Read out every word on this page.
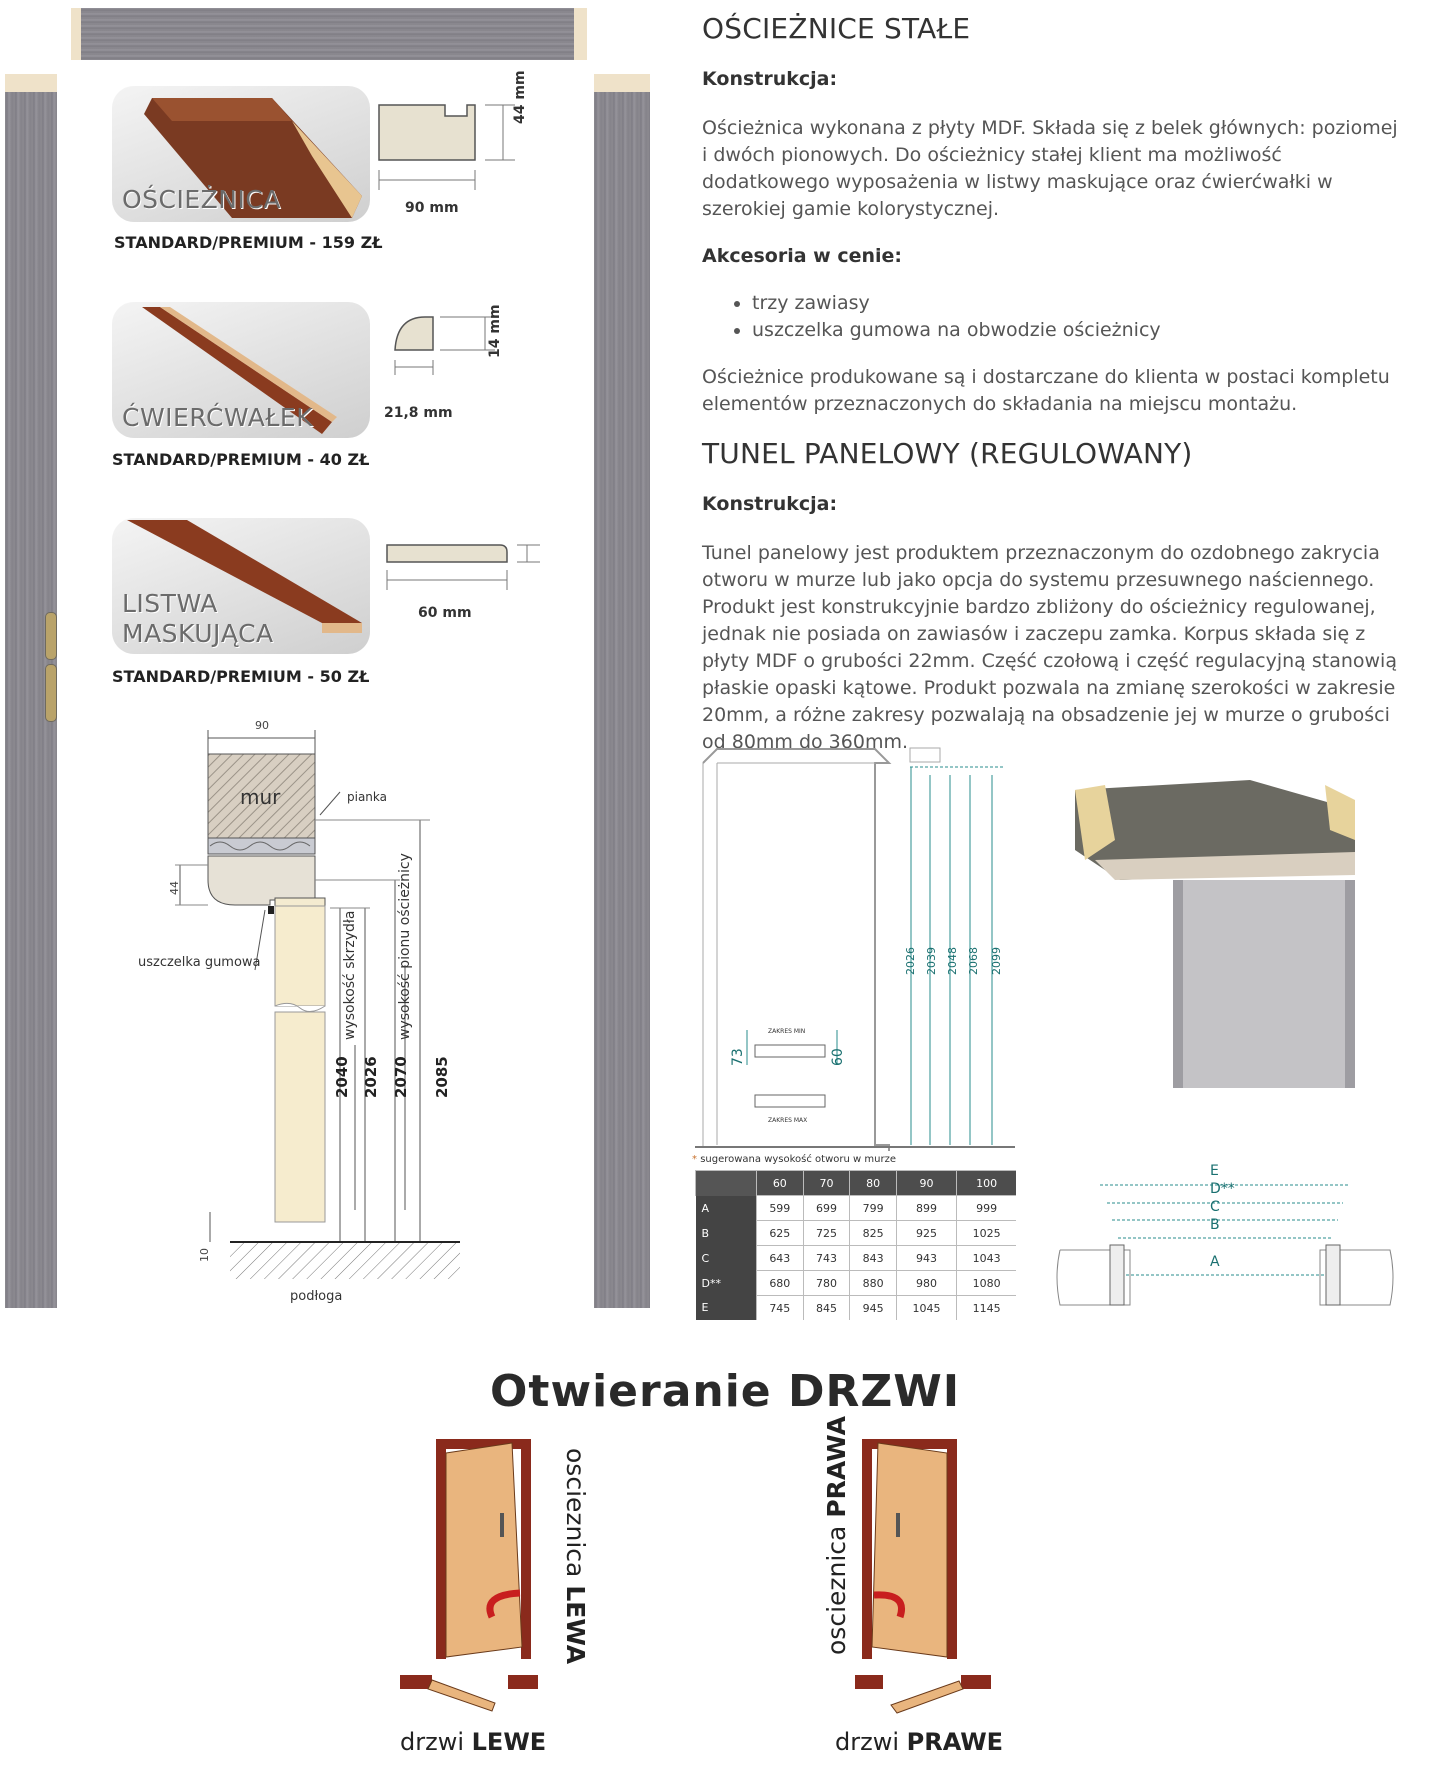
OŚCIEŻNICA	90 mm
44 mm
STANDARD/PREMIUM - 159 ZŁ
ĆWIERĆWAŁEK	21,8 mm
14 mm
STANDARD/PREMIUM - 40 ZŁ
LISTWA
MASKUJĄCA
60 mm
STANDARD/PREMIUM - 50 ZŁ
90
mur	pianka
44
uszczelka gumowa	wysokość skrzydła	wysokość pionu ościeżnicy
2040 2026 2070 2085
10
podłoga
OŚCIEŻNICE STAŁE
Konstrukcja:
Ościeżnica wykonana z płyty MDF. Składa się z belek głównych: poziomej i dwóch pionowych. Do ościeżnicy stałej klient ma możliwość dodatkowego wyposażenia w listwy maskujące oraz ćwierćwałki w szerokiej gamie kolorystycznej.
Akcesoria w cenie:
• trzy zawiasy
• uszczelka gumowa na obwodzie ościeżnicy
Ościeżnice produkowane są i dostarczane do klienta w postaci kompletu elementów przeznaczonych do składania na miejscu montażu.
TUNEL PANELOWY (REGULOWANY)
Konstrukcja:
Tunel panelowy jest produktem przeznaczonym do ozdobnego zakrycia otworu w murze lub jako opcja do systemu przesuwnego naściennego. Produkt jest konstrukcyjnie bardzo zbliżony do ościeżnicy regulowanej, jednak nie posiada on zawiasów i zaczepu zamka. Korpus składa się z płyty MDF o grubości 22mm. Część czołową i część regulacyjną stanowią płaskie opaski kątowe. Produkt pozwala na zmianę szerokości w zakresie 20mm, a różne zakresy pozwalają na obsadzenie jej w murze o grubości od 80mm do 360mm.
2026 2039 2048 2068 2099
ZAKRES MIN
ZAKRES MAX
73	60
* sugerowana wysokość otworu w murze
	60	70	80	90	100
A	599	699	799	899	999
B	625	725	825	925	1025
C	643	743	843	943	1043
D**	680	780	880	980	1080
E	745	845	945	1045	1145
E
D**
C
B
A
Otwieranie DRZWI
oscieznica LEWA
drzwi LEWE
oscieznica PRAWA
drzwi PRAWE
